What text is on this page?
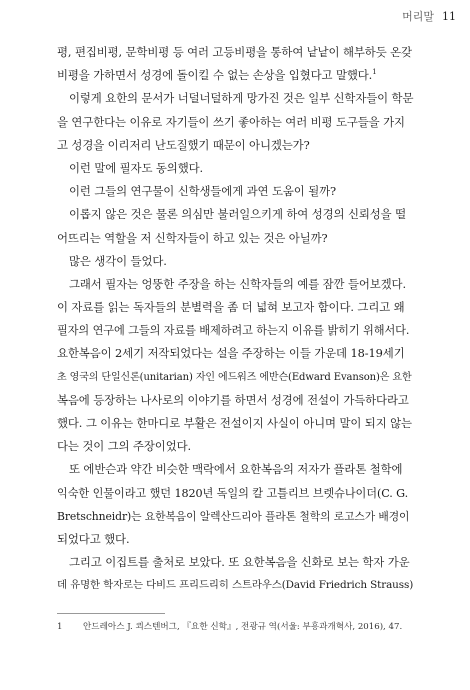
머리말 11
평, 편집비평, 문학비평 등 여러 고등비평을 통하여 낱낱이 해부하듯 온갖
비평을 가하면서 성경에 돌이킬 수 없는 손상을 입혔다고 말했다.$^1$
이렇게 요한의 문서가 너덜너덜하게 망가진 것은 일부 신학자들이 학문
을 연구한다는 이유로 자기들이 쓰기 좋아하는 여러 비평 도구들을 가지
고 성경을 이리저리 난도질했기 때문이 아니겠는가?
이런 말에 필자도 동의했다.
이런 그들의 연구물이 신학생들에게 과연 도움이 될까?
이롭지 않은 것은 물론 의심만 불러일으키게 하여 성경의 신뢰성을 떨
어뜨리는 역할을 저 신학자들이 하고 있는 것은 아닐까?
많은 생각이 들었다.
그래서 필자는 엉뚱한 주장을 하는 신학자들의 예를 잠깐 들어보겠다.
이 자료를 읽는 독자들의 분별력을 좀 더 넓혀 보고자 함이다. 그리고 왜
필자의 연구에 그들의 자료를 배제하려고 하는지 이유를 밝히기 위해서다.
요한복음이 2세기 저작되었다는 설을 주장하는 이들 가운데 18-19세기
초 영국의 단일신론(unitarian) 자인 에드워즈 에반슨(Edward Evanson)은 요한
복음에 등장하는 나사로의 이야기를 하면서 성경에 전설이 가득하다라고
했다. 그 이유는 한마디로 부활은 전설이지 사실이 아니며 말이 되지 않는
다는 것이 그의 주장이었다.
또 에반슨과 약간 비슷한 맥락에서 요한복음의 저자가 플라톤 철학에
익숙한 인물이라고 했던 1820년 독일의 칼 고틀리브 브렛슈나이더(C. G.
Bretschneidr)는 요한복음이 알렉산드리아 플라톤 철학의 로고스가 배경이
되었다고 했다.
그리고 이집트를 출처로 보았다. 또 요한복음을 신화로 보는 학자 가운
데 유명한 학자로는 다비드 프리드리히 스트라우스(David Friedrich Strauss)
1 안드레아스 J. 쾨스텐버그, 『요한 신학』, 전광규 역(서울: 부흥과개혁사, 2016), 47.
